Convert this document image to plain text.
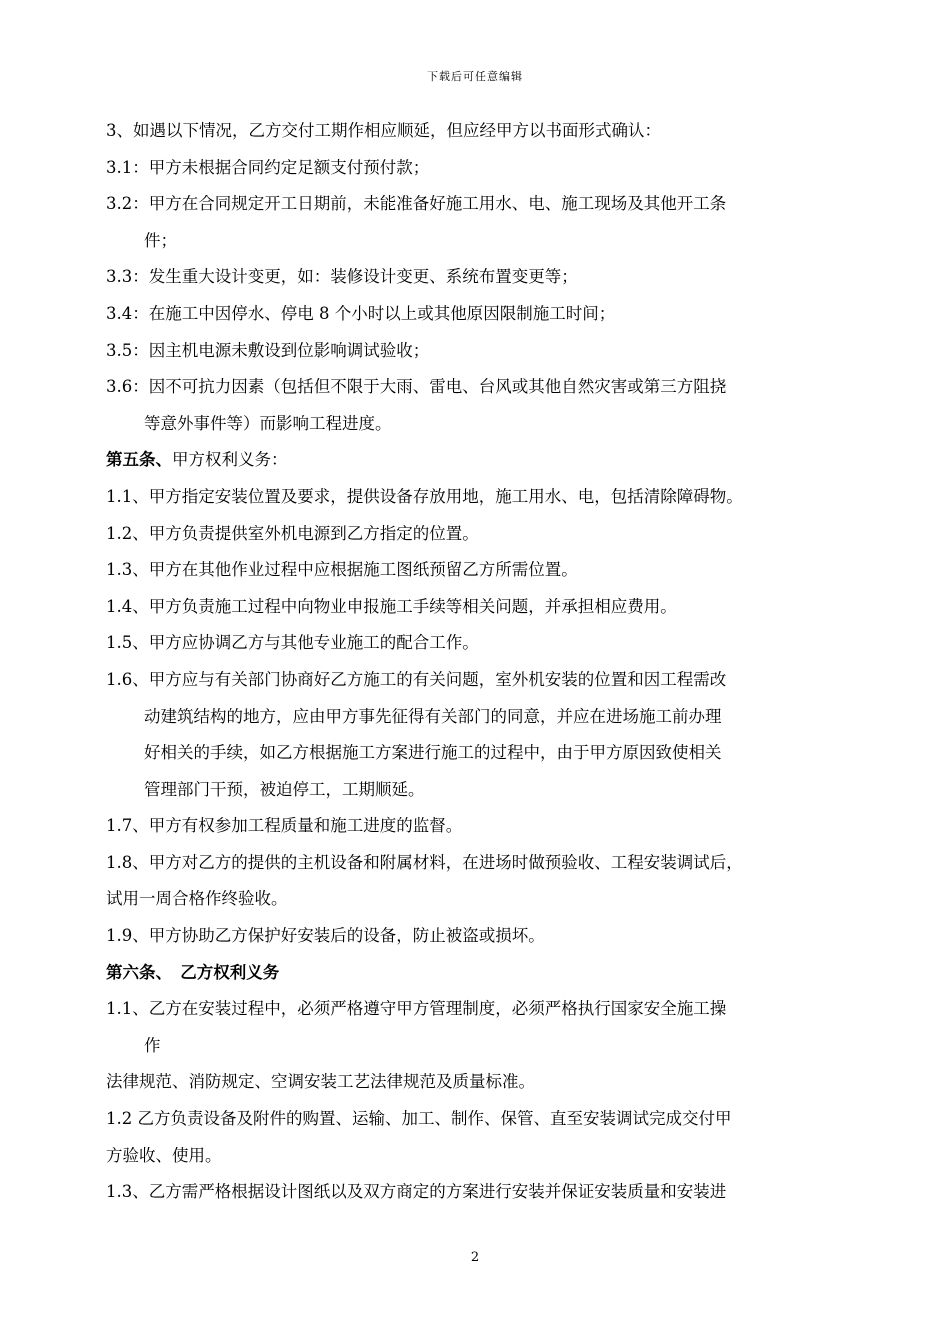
下载后可任意编辑
3、如遇以下情况，乙方交付工期作相应顺延，但应经甲方以书面形式确认：
3.1：甲方未根据合同约定足额支付预付款；
3.2：甲方在合同规定开工日期前，未能准备好施工用水、电、施工现场及其他开工条
件；
3.3：发生重大设计变更，如：装修设计变更、系统布置变更等；
3.4：在施工中因停水、停电 8 个小时以上或其他原因限制施工时间；
3.5：因主机电源未敷设到位影响调试验收；
3.6：因不可抗力因素（包括但不限于大雨、雷电、台风或其他自然灾害或第三方阻挠
等意外事件等）而影响工程进度。
第五条、甲方权利义务：
1.1、甲方指定安装位置及要求，提供设备存放用地，施工用水、电，包括清除障碍物。
1.2、甲方负责提供室外机电源到乙方指定的位置。
1.3、甲方在其他作业过程中应根据施工图纸预留乙方所需位置。
1.4、甲方负责施工过程中向物业申报施工手续等相关问题，并承担相应费用。
1.5、甲方应协调乙方与其他专业施工的配合工作。
1.6、甲方应与有关部门协商好乙方施工的有关问题，室外机安装的位置和因工程需改
动建筑结构的地方，应由甲方事先征得有关部门的同意，并应在进场施工前办理
好相关的手续，如乙方根据施工方案进行施工的过程中，由于甲方原因致使相关
管理部门干预，被迫停工，工期顺延。
1.7、甲方有权参加工程质量和施工进度的监督。
1.8、甲方对乙方的提供的主机设备和附属材料，在进场时做预验收、工程安装调试后，
试用一周合格作终验收。
1.9、甲方协助乙方保护好安装后的设备，防止被盗或损坏。
第六条、　乙方权利义务
1.1、乙方在安装过程中，必须严格遵守甲方管理制度，必须严格执行国家安全施工操
作
法律规范、消防规定、空调安装工艺法律规范及质量标准。
1.2 乙方负责设备及附件的购置、运输、加工、制作、保管、直至安装调试完成交付甲
方验收、使用。
1.3、乙方需严格根据设计图纸以及双方商定的方案进行安装并保证安装质量和安装进
2
